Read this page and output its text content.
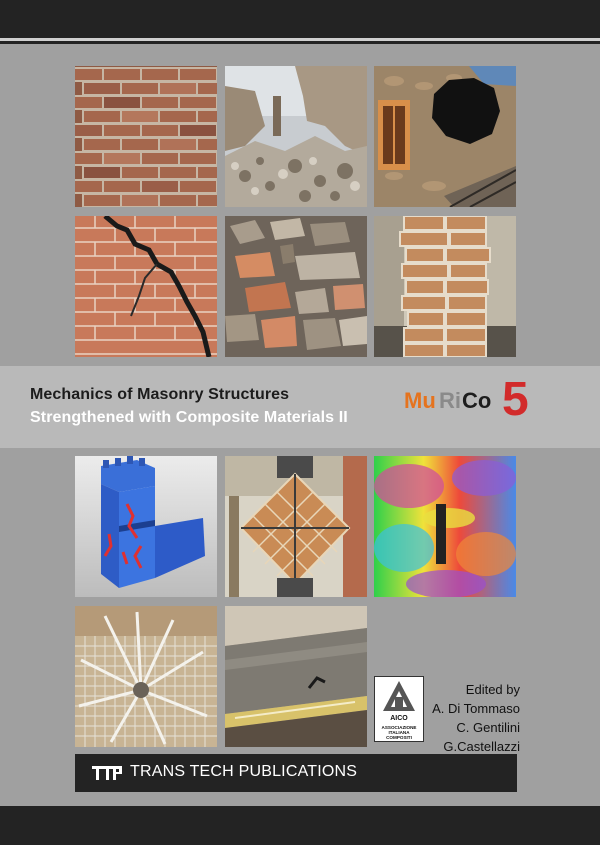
Mechanics of Masonry Structures
Strengthened with Composite Materials II
Mu Ri Co 5
AICO
ASSOCIAZIONE
ITALIANA
COMPOSITI
Edited by
A. Di Tommaso
C. Gentilini
G.Castellazzi
TRANS TECH PUBLICATIONS
